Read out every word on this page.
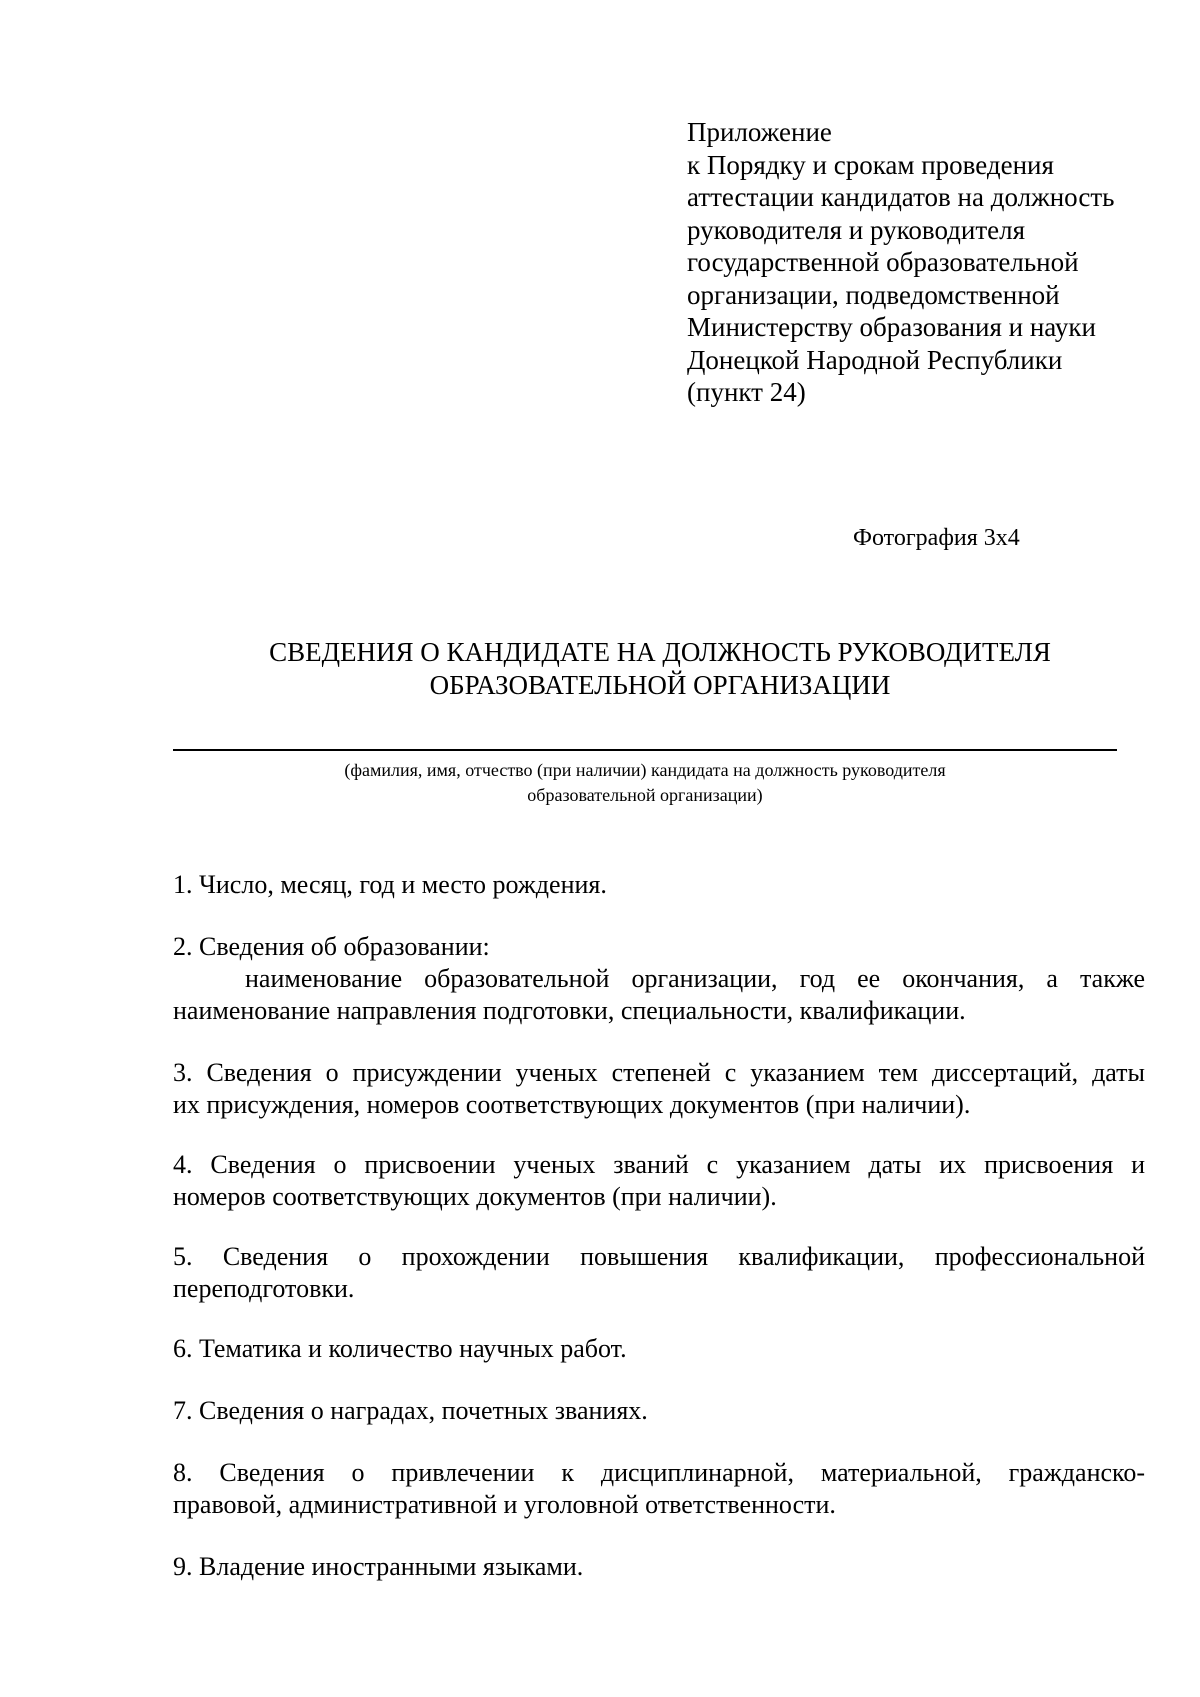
Приложение
к Порядку и срокам проведения
аттестации кандидатов на должность
руководителя и руководителя
государственной образовательной
организации, подведомственной
Министерству образования и науки
Донецкой Народной Республики
(пункт 24)
Фотография 3х4
СВЕДЕНИЯ О КАНДИДАТЕ НА ДОЛЖНОСТЬ РУКОВОДИТЕЛЯ
ОБРАЗОВАТЕЛЬНОЙ ОРГАНИЗАЦИИ
(фамилия, имя, отчество (при наличии) кандидата на должность руководителя
образовательной организации)
1. Число, месяц, год и место рождения.
2. Сведения об образовании:
наименование образовательной организации, год ее окончания, а также
наименование направления подготовки, специальности, квалификации.
3. Сведения о присуждении ученых степеней с указанием тем диссертаций, даты
их присуждения, номеров соответствующих документов (при наличии).
4. Сведения о присвоении ученых званий с указанием даты их присвоения и
номеров соответствующих документов (при наличии).
5. Сведения о прохождении повышения квалификации, профессиональной
переподготовки.
6. Тематика и количество научных работ.
7. Сведения о наградах, почетных званиях.
8. Сведения о привлечении к дисциплинарной, материальной, гражданско-
правовой, административной и уголовной ответственности.
9. Владение иностранными языками.
